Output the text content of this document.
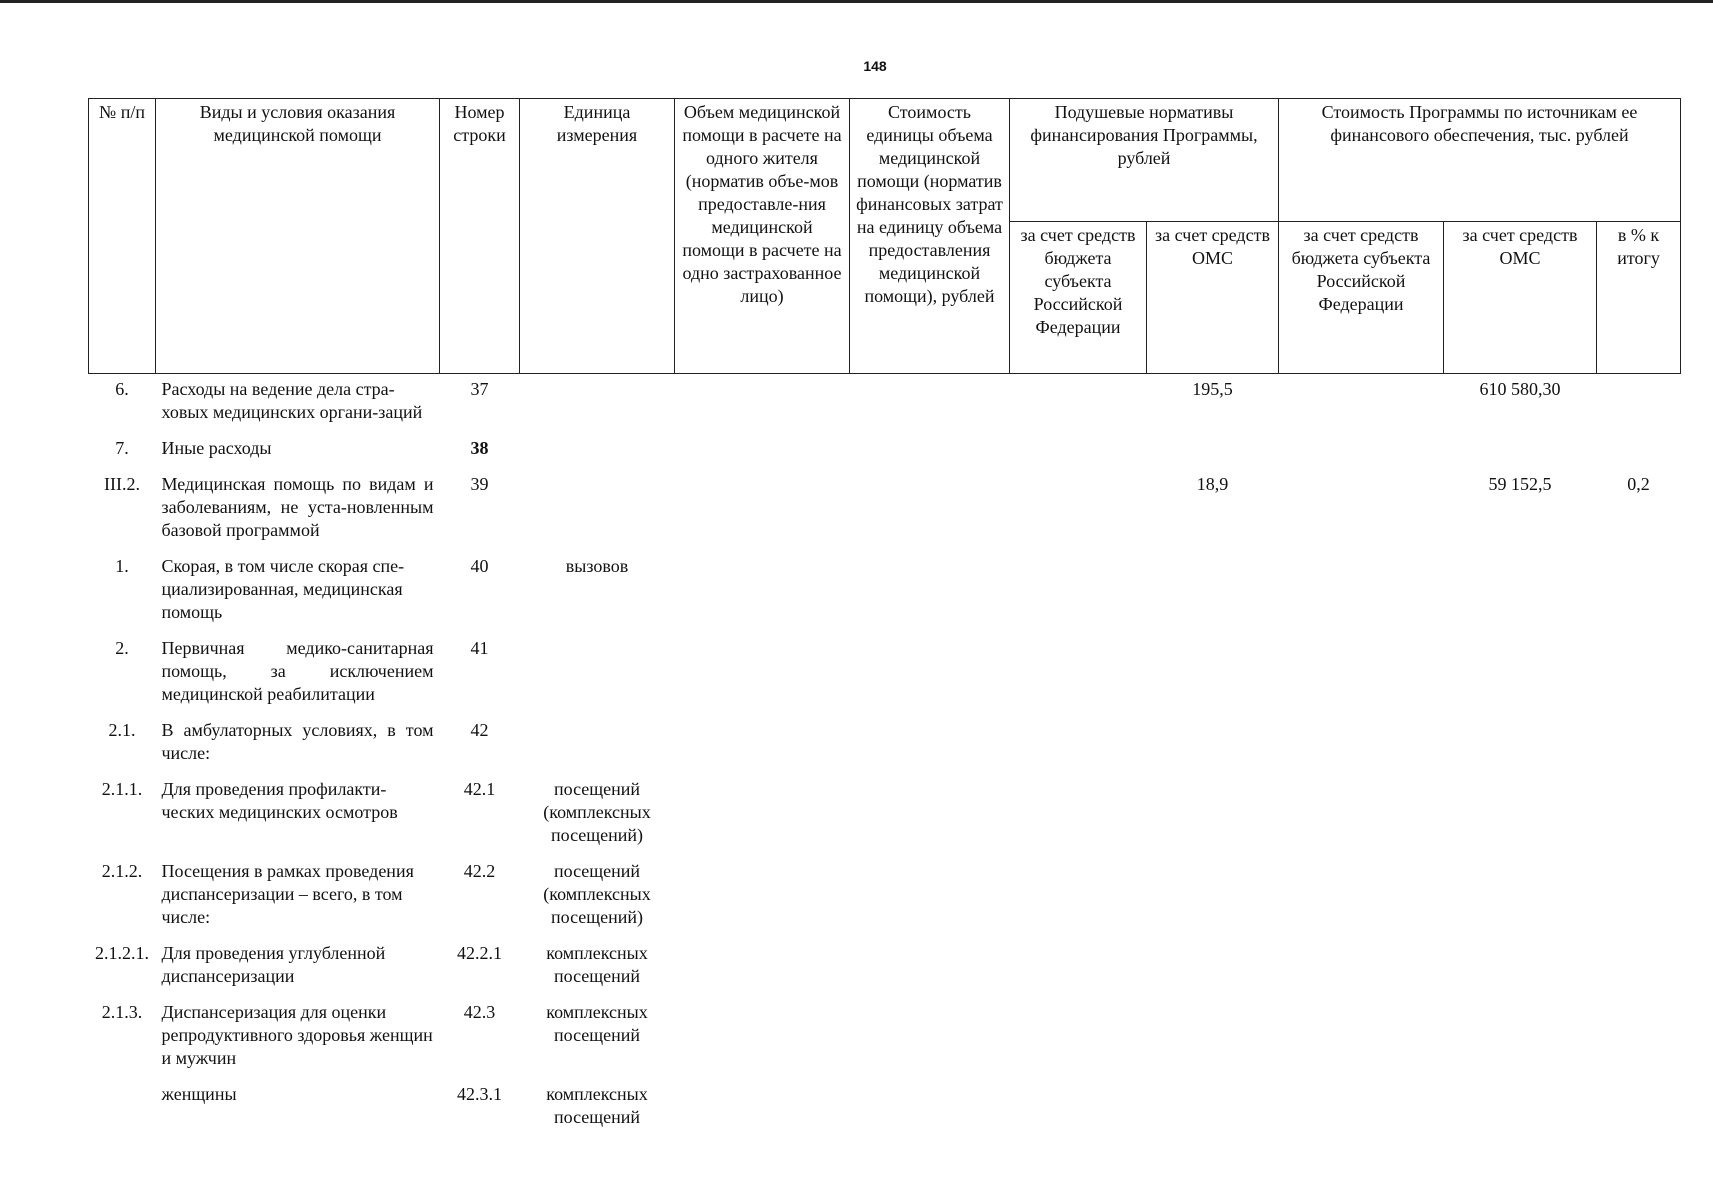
148
№ п/п	Виды и условия оказания медицинской помощи	Номер строки	Единица измерения	Объем медицинской помощи в расчете на одного жителя (норматив объе-мов предоставле-ния медицинской помощи в расчете на одно застрахованное лицо)	Стоимость единицы объема медицинской помощи (норматив финансовых затрат на единицу объема предоставления медицинской помощи), рублей	Подушевые нормативы финансирования Программы, рублей		Стоимость Программы по источникам ее финансового обеспечения, тыс. рублей		
						за счет средств бюджета субъекта Российской Федерации	за счет средств ОМС	за счет средств бюджета субъекта Российской Федерации	за счет средств ОМС	в % к итогу
6.	Расходы на ведение дела стра-ховых медицинских органи-заций	37					195,5		610 580,30	
7.	Иные расходы	38								
III.2.	Медицинская помощь по видам и заболеваниям, не уста-новленным базовой программой	39					18,9		59 152,5	0,2
1.	Скорая, в том числе скорая спе-циализированная, медицинская помощь	40	вызовов							
2.	Первичная медико-санитарная помощь, за исключением медицинской реабилитации	41								
2.1.	В амбулаторных условиях, в том числе:	42								
2.1.1.	Для проведения профилакти-ческих медицинских осмотров	42.1	посещений (комплексных посещений)							
2.1.2.	Посещения в рамках проведения диспансеризации – всего, в том числе:	42.2	посещений (комплексных посещений)							
2.1.2.1.	Для проведения углубленной диспансеризации	42.2.1	комплексных посещений							
2.1.3.	Диспансеризация для оценки репродуктивного здоровья женщин и мужчин	42.3	комплексных посещений							
	женщины	42.3.1	комплексных посещений							
